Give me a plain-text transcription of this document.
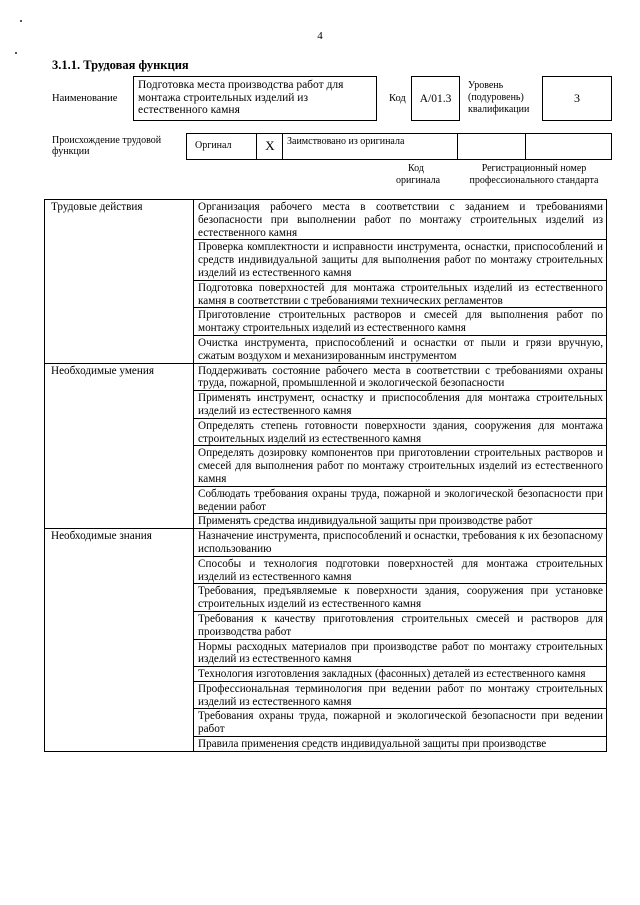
4
3.1.1. Трудовая функция
Наименование
Подготовка места производства работ для монтажа строительных изделий из естественного камня
Код А/01.3
Уровень
(подуровень)
квалификации
3
Происхождение трудовой функции
Оргинал	X	Заимствовано из оригинала
Код
оригинала
Регистрационный номер
профессионального стандарта
Трудовые действия	Организация рабочего места в соответствии с заданием и требованиями безопасности при выполнении работ по монтажу строительных изделий из естественного камня
	Проверка комплектности и исправности инструмента, оснастки, приспособлений и средств индивидуальной защиты для выполнения работ по монтажу строительных изделий из естественного камня
	Подготовка поверхностей для монтажа строительных изделий из естественного камня в соответствии с требованиями технических регламентов
	Приготовление строительных растворов и смесей для выполнения работ по монтажу строительных изделий из естественного камня
	Очистка инструмента, приспособлений и оснастки от пыли и грязи вручную, сжатым воздухом и механизированным инструментом
Необходимые умения	Поддерживать состояние рабочего места в соответствии с требованиями охраны труда, пожарной, промышленной и экологической безопасности
	Применять инструмент, оснастку и приспособления для монтажа строительных изделий из естественного камня
	Определять степень готовности поверхности здания, сооружения для монтажа строительных изделий из естественного камня
	Определять дозировку компонентов при приготовлении строительных растворов и смесей для выполнения работ по монтажу строительных изделий из естественного камня
	Соблюдать требования охраны труда, пожарной и экологической безопасности при ведении работ
	Применять средства индивидуальной защиты при производстве работ
Необходимые знания	Назначение инструмента, приспособлений и оснастки, требования к их безопасному использованию
	Способы и технология подготовки поверхностей для монтажа строительных изделий из естественного камня
	Требования, предъявляемые к поверхности здания, сооружения при установке строительных изделий из естественного камня
	Требования к качеству приготовления строительных смесей и растворов для производства работ
	Нормы расходных материалов при производстве работ по монтажу строительных изделий из естественного камня
	Технология изготовления закладных (фасонных) деталей из естественного камня
	Профессиональная терминология при ведении работ по монтажу строительных изделий из естественного камня
	Требования охраны труда, пожарной и экологической безопасности при ведении работ
	Правила применения средств индивидуальной защиты при производстве
